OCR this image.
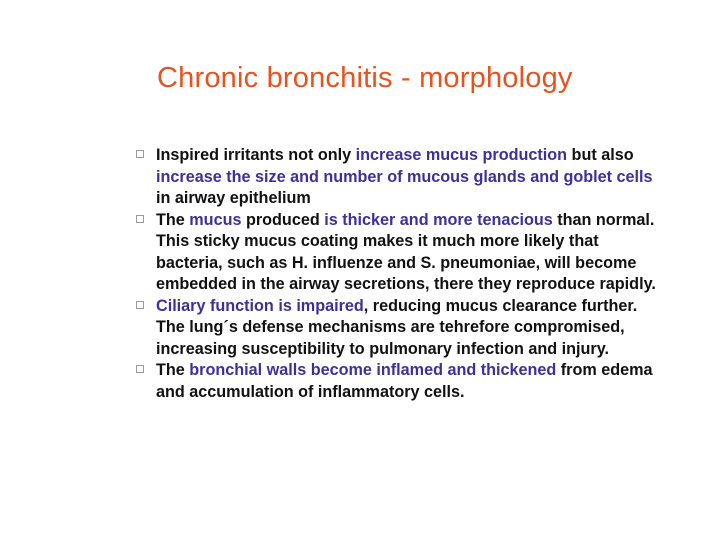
Chronic bronchitis - morphology
Inspired irritants not only increase mucus production but also increase the size and number of mucous glands and goblet cells in airway epithelium
The mucus produced is thicker and more tenacious than normal. This sticky mucus coating makes it much more likely that bacteria, such as H. influenze and S. pneumoniae, will become embedded in the airway secretions, there they reproduce rapidly.
Ciliary function is impaired, reducing mucus clearance further. The lung´s defense mechanisms are tehrefore compromised, increasing susceptibility to pulmonary infection and injury.
The bronchial walls become inflamed and thickened from edema and accumulation of inflammatory cells.
